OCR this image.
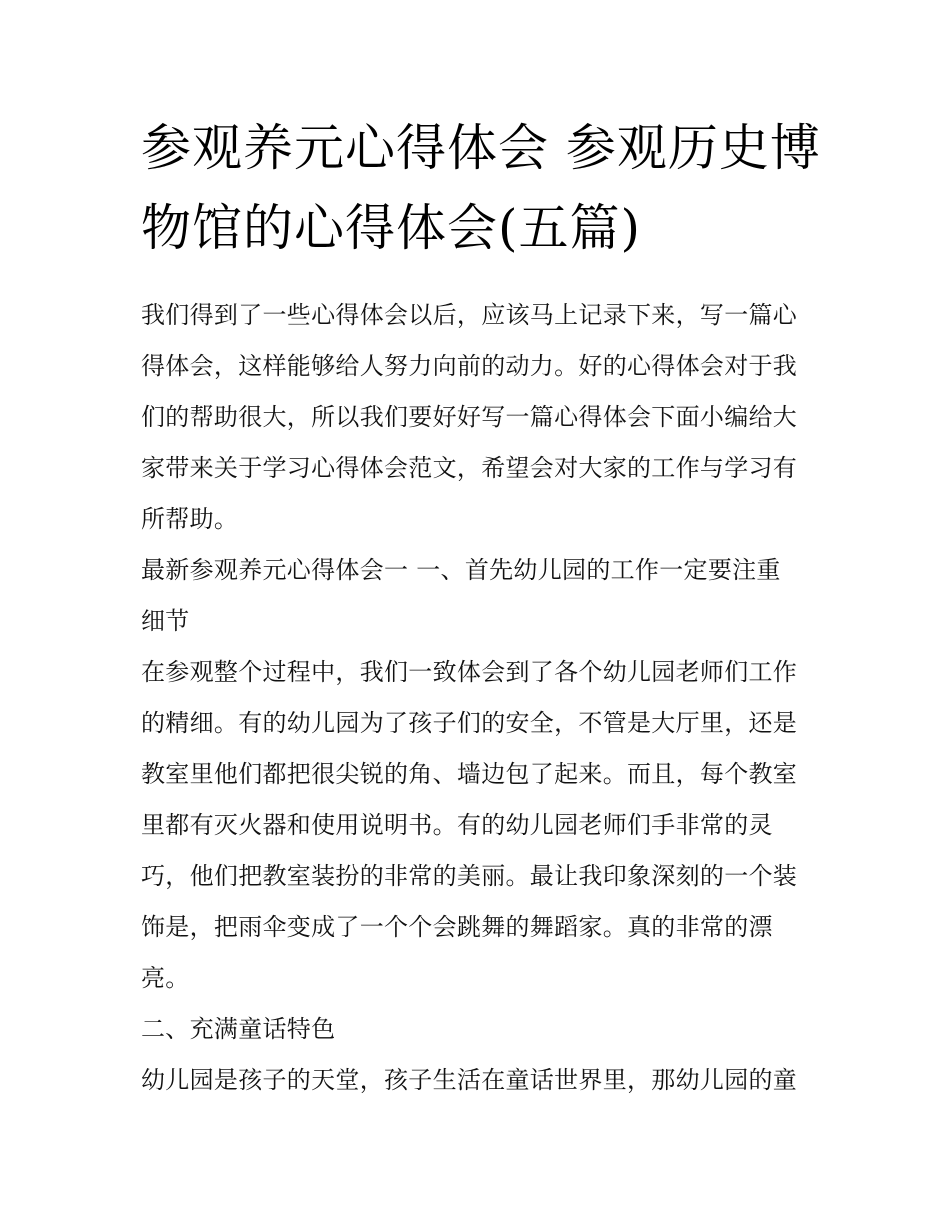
参观养元心得体会 参观历史博
物馆的心得体会(五篇)
我们得到了一些心得体会以后，应该马上记录下来，写一篇心
得体会，这样能够给人努力向前的动力。好的心得体会对于我
们的帮助很大，所以我们要好好写一篇心得体会下面小编给大
家带来关于学习心得体会范文，希望会对大家的工作与学习有
所帮助。
最新参观养元心得体会一 一、首先幼儿园的工作一定要注重
细节
在参观整个过程中，我们一致体会到了各个幼儿园老师们工作
的精细。有的幼儿园为了孩子们的安全，不管是大厅里，还是
教室里他们都把很尖锐的角、墙边包了起来。而且，每个教室
里都有灭火器和使用说明书。有的幼儿园老师们手非常的灵
巧，他们把教室装扮的非常的美丽。最让我印象深刻的一个装
饰是，把雨伞变成了一个个会跳舞的舞蹈家。真的非常的漂
亮。
二、充满童话特色
幼儿园是孩子的天堂，孩子生活在童话世界里，那幼儿园的童
